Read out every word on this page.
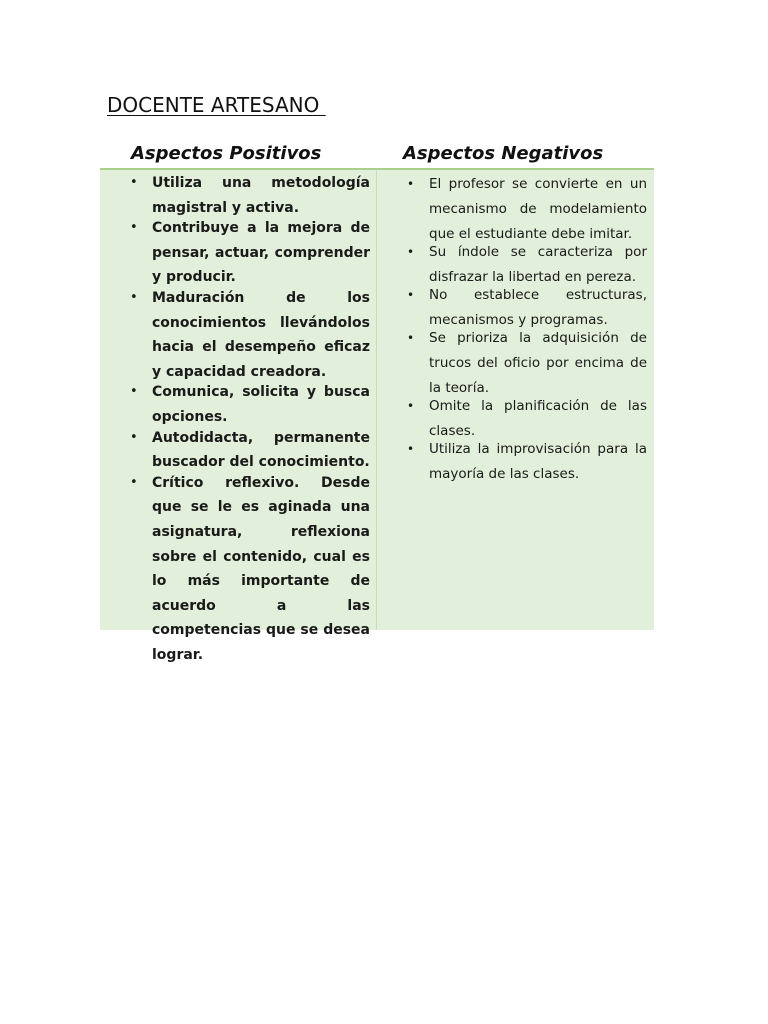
DOCENTE ARTESANO
Aspectos Positivos	Aspectos Negativos
• Utiliza una metodología magistral y activa.
• Contribuye a la mejora de pensar, actuar, comprender y producir.
• Maduración de los conocimientos llevándolos hacia el desempeño eficaz y capacidad creadora.
• Comunica, solicita y busca opciones.
• Autodidacta, permanente buscador del conocimiento.
• Crítico reflexivo. Desde que se le es aginada una asignatura, reflexiona sobre el contenido, cual es lo más importante de acuerdo a las competencias que se desea lograr.
• El profesor se convierte en un mecanismo de modelamiento que el estudiante debe imitar.
• Su índole se caracteriza por disfrazar la libertad en pereza.
• No establece estructuras, mecanismos y programas.
• Se prioriza la adquisición de trucos del oficio por encima de la teoría.
• Omite la planificación de las clases.
• Utiliza la improvisación para la mayoría de las clases.
